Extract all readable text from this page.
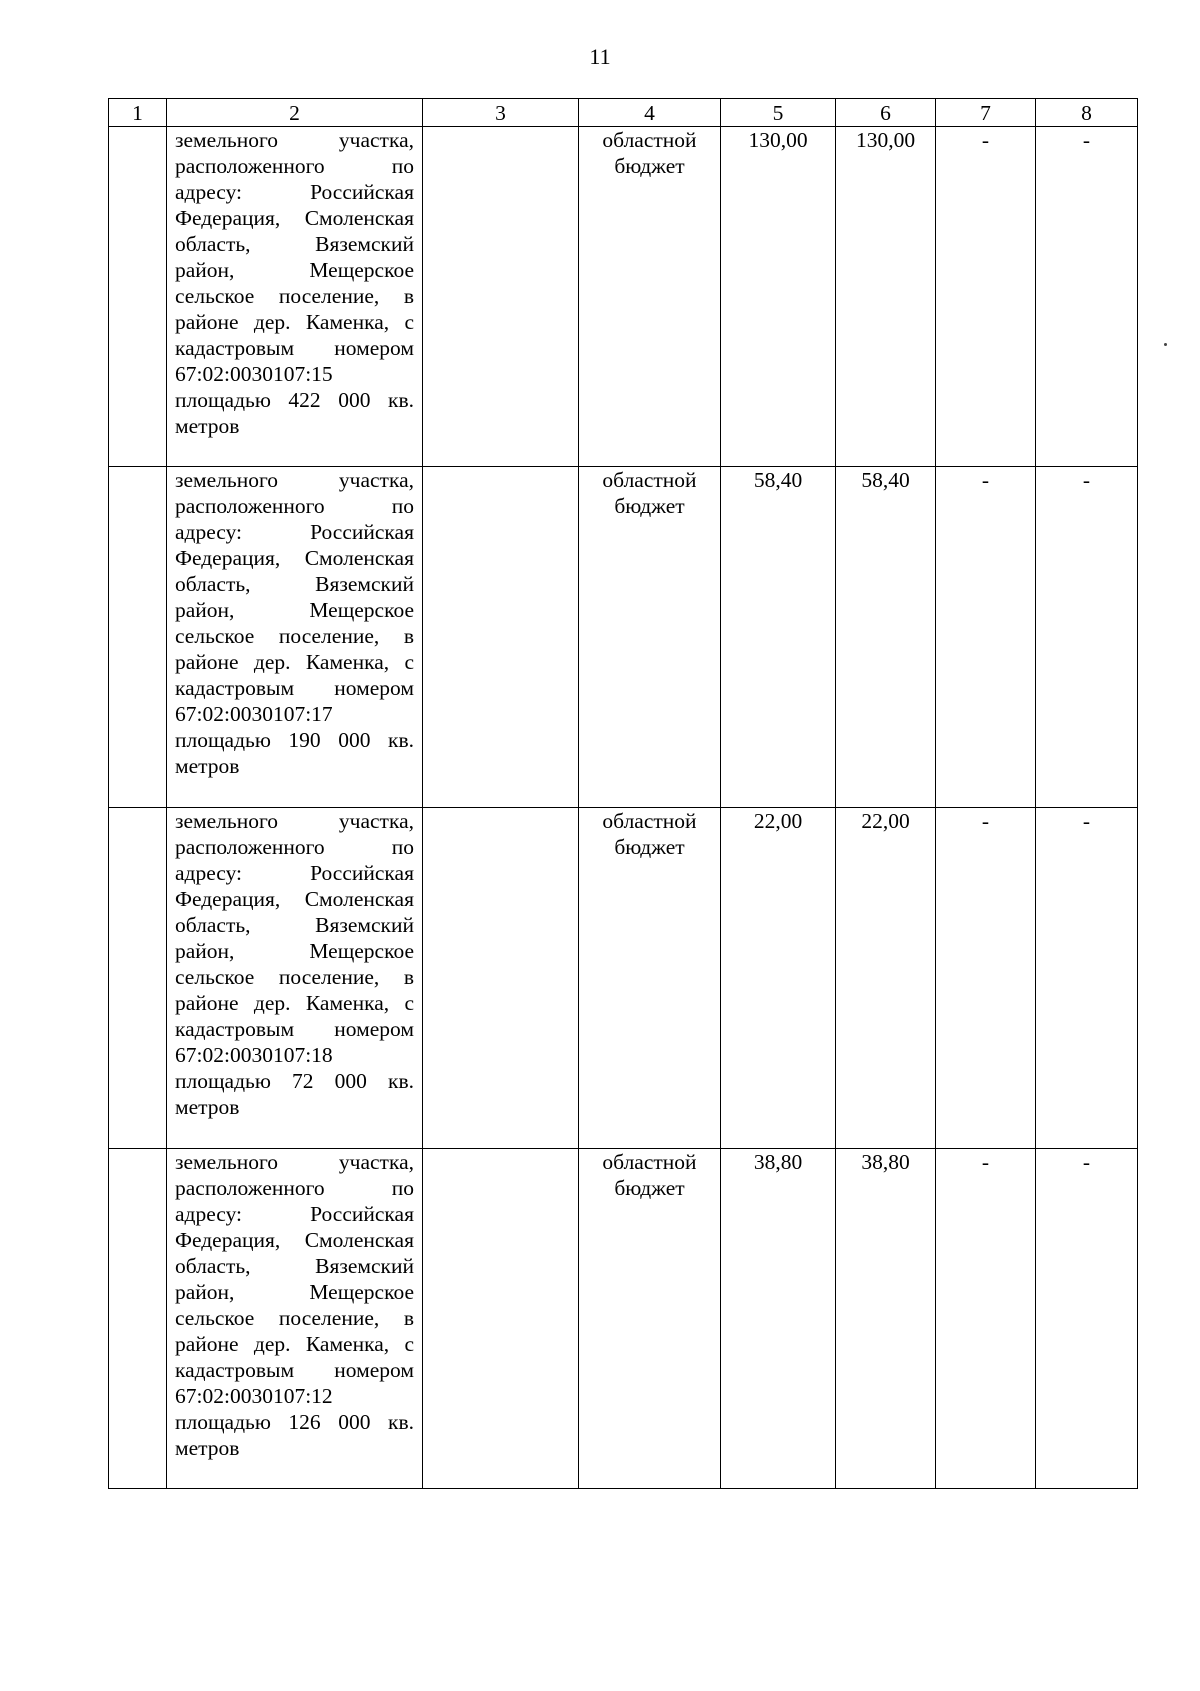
11
1	2	3	4	5	6	7	8

	земельного участка, расположенного по адресу: Российская Федерация, Смоленская область, Вяземский район, Мещерское сельское поселение, в районе дер. Каменка, с кадастровым номером 67:02:0030107:15 площадью 422 000 кв. метров		областной бюджет	130,00	130,00	-	-

	земельного участка, расположенного по адресу: Российская Федерация, Смоленская область, Вяземский район, Мещерское сельское поселение, в районе дер. Каменка, с кадастровым номером 67:02:0030107:17 площадью 190 000 кв. метров		областной бюджет	58,40	58,40	-	-

	земельного участка, расположенного по адресу: Российская Федерация, Смоленская область, Вяземский район, Мещерское сельское поселение, в районе дер. Каменка, с кадастровым номером 67:02:0030107:18 площадью 72 000 кв. метров		областной бюджет	22,00	22,00	-	-

	земельного участка, расположенного по адресу: Российская Федерация, Смоленская область, Вяземский район, Мещерское сельское поселение, в районе дер. Каменка, с кадастровым номером 67:02:0030107:12 площадью 126 000 кв. метров		областной бюджет	38,80	38,80	-	-
